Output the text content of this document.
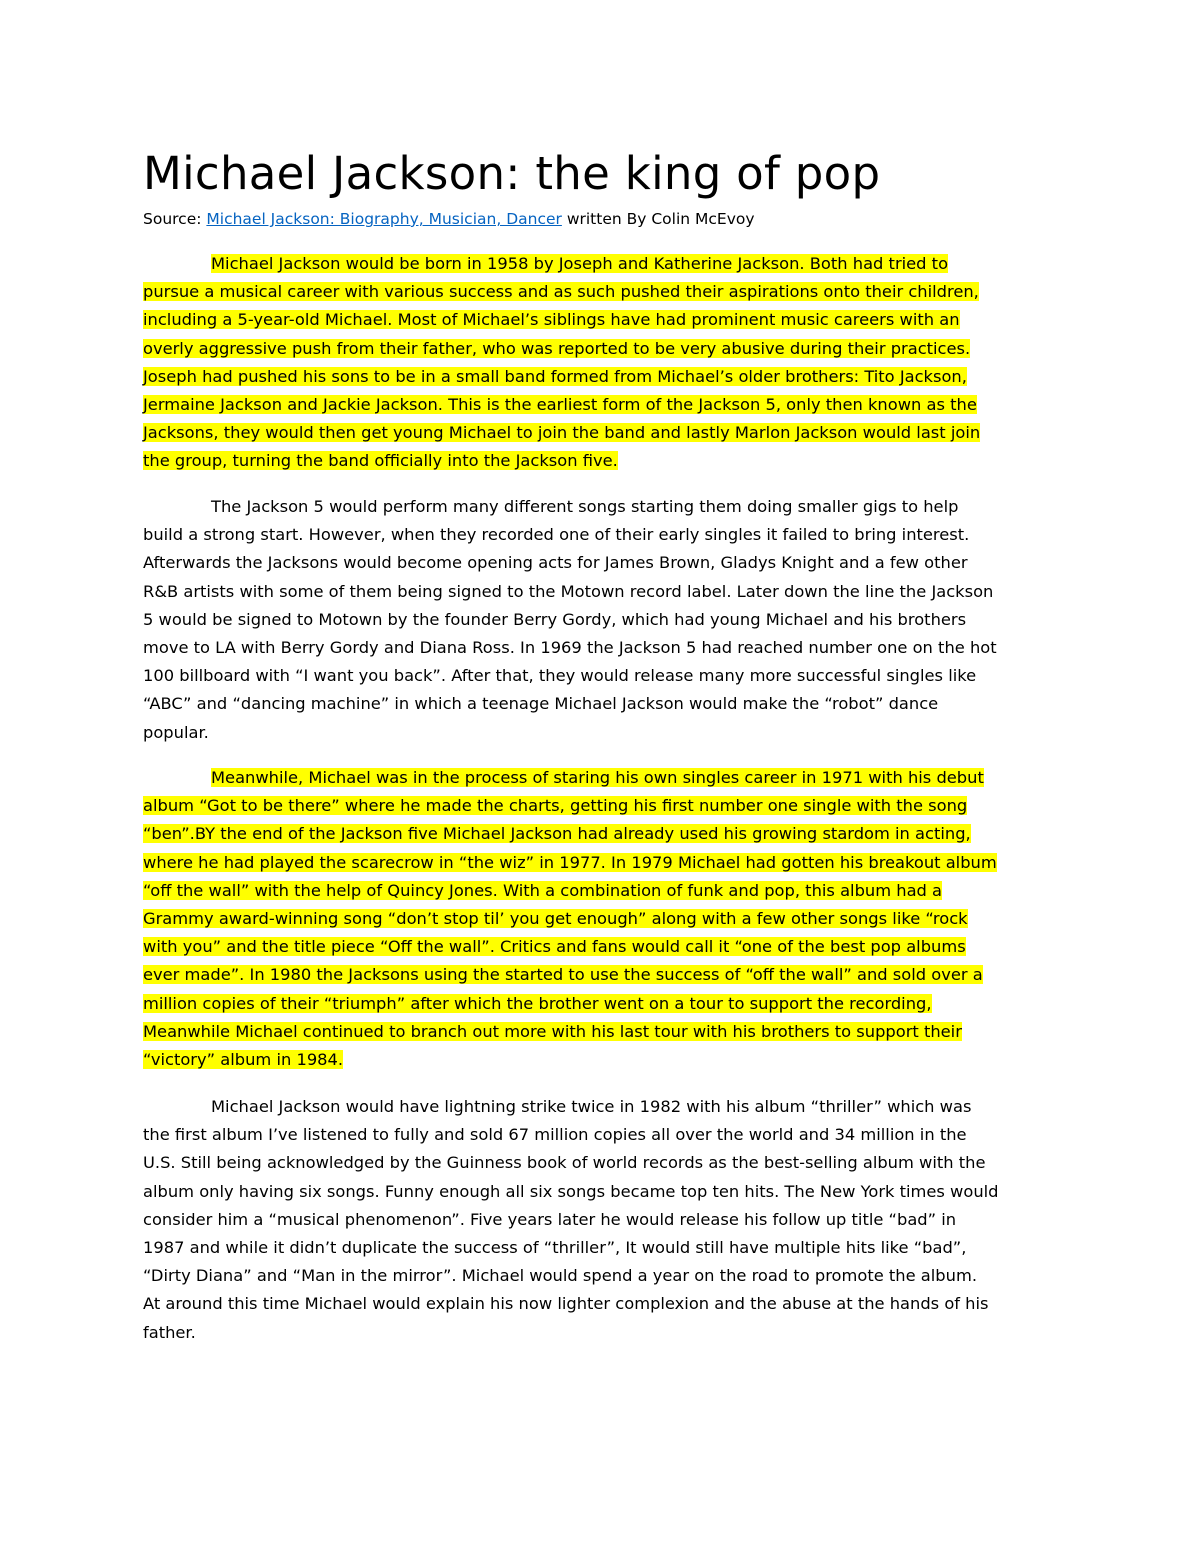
Michael Jackson: the king of pop
Source: Michael Jackson: Biography, Musician, Dancer written By Colin McEvoy
Michael Jackson would be born in 1958 by Joseph and Katherine Jackson. Both had tried to
pursue a musical career with various success and as such pushed their aspirations onto their children,
including a 5-year-old Michael. Most of Michael’s siblings have had prominent music careers with an
overly aggressive push from their father, who was reported to be very abusive during their practices.
Joseph had pushed his sons to be in a small band formed from Michael’s older brothers: Tito Jackson,
Jermaine Jackson and Jackie Jackson. This is the earliest form of the Jackson 5, only then known as the
Jacksons, they would then get young Michael to join the band and lastly Marlon Jackson would last join
the group, turning the band officially into the Jackson five.
The Jackson 5 would perform many different songs starting them doing smaller gigs to help
build a strong start. However, when they recorded one of their early singles it failed to bring interest.
Afterwards the Jacksons would become opening acts for James Brown, Gladys Knight and a few other
R&B artists with some of them being signed to the Motown record label. Later down the line the Jackson
5 would be signed to Motown by the founder Berry Gordy, which had young Michael and his brothers
move to LA with Berry Gordy and Diana Ross. In 1969 the Jackson 5 had reached number one on the hot
100 billboard with “I want you back”. After that, they would release many more successful singles like
“ABC” and “dancing machine” in which a teenage Michael Jackson would make the “robot” dance
popular.
Meanwhile, Michael was in the process of staring his own singles career in 1971 with his debut
album “Got to be there” where he made the charts, getting his first number one single with the song
“ben”.BY the end of the Jackson five Michael Jackson had already used his growing stardom in acting,
where he had played the scarecrow in “the wiz” in 1977. In 1979 Michael had gotten his breakout album
“off the wall” with the help of Quincy Jones. With a combination of funk and pop, this album had a
Grammy award-winning song “don’t stop til’ you get enough” along with a few other songs like “rock
with you” and the title piece “Off the wall”. Critics and fans would call it “one of the best pop albums
ever made”. In 1980 the Jacksons using the started to use the success of “off the wall” and sold over a
million copies of their “triumph” after which the brother went on a tour to support the recording,
Meanwhile Michael continued to branch out more with his last tour with his brothers to support their
“victory” album in 1984.
Michael Jackson would have lightning strike twice in 1982 with his album “thriller” which was
the first album I’ve listened to fully and sold 67 million copies all over the world and 34 million in the
U.S. Still being acknowledged by the Guinness book of world records as the best-selling album with the
album only having six songs. Funny enough all six songs became top ten hits. The New York times would
consider him a “musical phenomenon”. Five years later he would release his follow up title “bad” in
1987 and while it didn’t duplicate the success of “thriller”, It would still have multiple hits like “bad”,
“Dirty Diana” and “Man in the mirror”. Michael would spend a year on the road to promote the album.
At around this time Michael would explain his now lighter complexion and the abuse at the hands of his
father.
